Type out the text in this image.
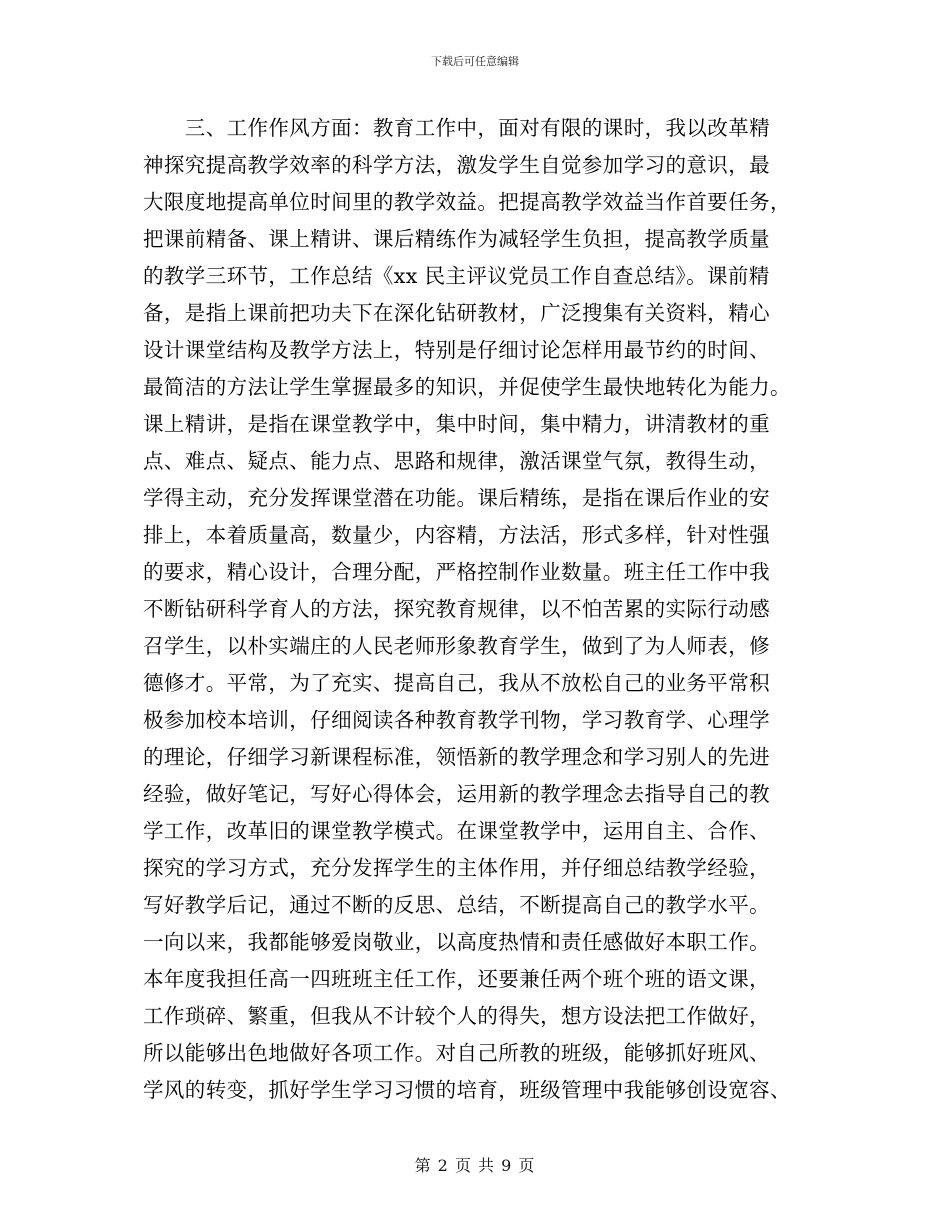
下载后可任意编辑
　　三、工作作风方面：教育工作中，面对有限的课时，我以改革精
神探究提高教学效率的科学方法，激发学生自觉参加学习的意识，最
大限度地提高单位时间里的教学效益。把提高教学效益当作首要任务，
把课前精备、课上精讲、课后精练作为减轻学生负担，提高教学质量
的教学三环节，工作总结《xx 民主评议党员工作自查总结》。课前精
备，是指上课前把功夫下在深化钻研教材，广泛搜集有关资料，精心
设计课堂结构及教学方法上，特别是仔细讨论怎样用最节约的时间、
最简洁的方法让学生掌握最多的知识，并促使学生最快地转化为能力。
课上精讲，是指在课堂教学中，集中时间，集中精力，讲清教材的重
点、难点、疑点、能力点、思路和规律，激活课堂气氛，教得生动，
学得主动，充分发挥课堂潜在功能。课后精练，是指在课后作业的安
排上，本着质量高，数量少，内容精，方法活，形式多样，针对性强
的要求，精心设计，合理分配，严格控制作业数量。班主任工作中我
不断钻研科学育人的方法，探究教育规律，以不怕苦累的实际行动感
召学生，以朴实端庄的人民老师形象教育学生，做到了为人师表，修
德修才。平常，为了充实、提高自己，我从不放松自己的业务平常积
极参加校本培训，仔细阅读各种教育教学刊物，学习教育学、心理学
的理论，仔细学习新课程标准，领悟新的教学理念和学习别人的先进
经验，做好笔记，写好心得体会，运用新的教学理念去指导自己的教
学工作，改革旧的课堂教学模式。在课堂教学中，运用自主、合作、
探究的学习方式，充分发挥学生的主体作用，并仔细总结教学经验，
写好教学后记，通过不断的反思、总结，不断提高自己的教学水平。
一向以来，我都能够爱岗敬业，以高度热情和责任感做好本职工作。
本年度我担任高一四班班主任工作，还要兼任两个班个班的语文课，
工作琐碎、繁重，但我从不计较个人的得失，想方设法把工作做好，
所以能够出色地做好各项工作。对自己所教的班级，能够抓好班风、
学风的转变，抓好学生学习习惯的培育，班级管理中我能够创设宽容、
第 2 页 共 9 页
